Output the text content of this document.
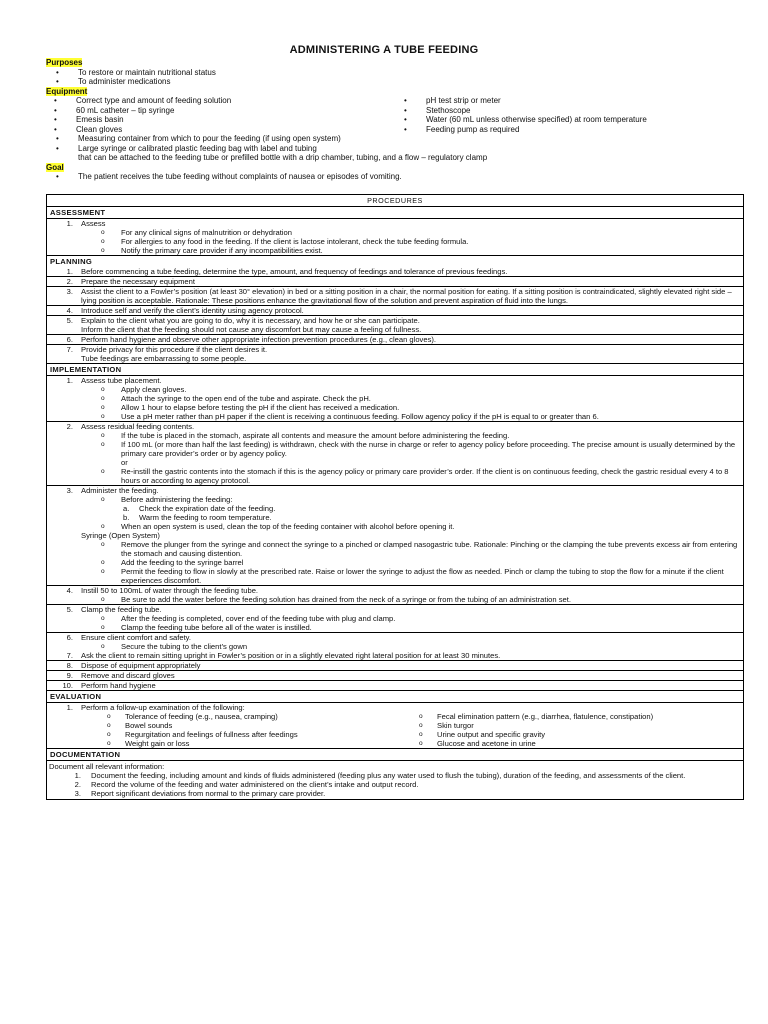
ADMINISTERING A TUBE FEEDING
Purposes
• To restore or maintain nutritional status
• To administer medications
Equipment
• Correct type and amount of feeding solution
• 60 mL catheter – tip syringe
• Emesis basin
• Clean gloves
• pH test strip or meter
• Stethoscope
• Water (60 mL unless otherwise specified) at room temperature
• Feeding pump as required
• Measuring container from which to pour the feeding (if using open system)
• Large syringe or calibrated plastic feeding bag with label and tubing
that can be attached to the feeding tube or prefilled bottle with a drip chamber, tubing, and a flow – regulatory clamp
Goal
• The patient receives the tube feeding without complaints of nausea or episodes of vomiting.
PROCEDURES
ASSESSMENT
1. Assess
o For any clinical signs of malnutrition or dehydration
o For allergies to any food in the feeding. If the client is lactose intolerant, check the tube feeding formula.
o Notify the primary care provider if any incompatibilities exist.
PLANNING
1. Before commencing a tube feeding, determine the type, amount, and frequency of feedings and tolerance of previous feedings.
2. Prepare the necessary equipment
3. Assist the client to a Fowler’s position (at least 30° elevation) in bed or a sitting position in a chair, the normal position for eating. If a sitting position is contraindicated, slightly elevated right side – lying position is acceptable. Rationale: These positions enhance the gravitational flow of the solution and prevent aspiration of fluid into the lungs.
4. Introduce self and verify the client’s identity using agency protocol.
5. Explain to the client what you are going to do, why it is necessary, and how he or she can participate.
Inform the client that the feeding should not cause any discomfort but may cause a feeling of fullness.
6. Perform hand hygiene and observe other appropriate infection prevention procedures (e.g., clean gloves).
7. Provide privacy for this procedure if the client desires it.
Tube feedings are embarrassing to some people.
IMPLEMENTATION
1. Assess tube placement.
o Apply clean gloves.
o Attach the syringe to the open end of the tube and aspirate. Check the pH.
o Allow 1 hour to elapse before testing the pH if the client has received a medication.
o Use a pH meter rather than pH paper if the client is receiving a continuous feeding. Follow agency policy if the pH is equal to or greater than 6.
2. Assess residual feeding contents.
o If the tube is placed in the stomach, aspirate all contents and measure the amount before administering the feeding.
o If 100 mL (or more than half the last feeding) is withdrawn, check with the nurse in charge or refer to agency policy before proceeding. The precise amount is usually determined by the primary care provider’s order or by agency policy.
or
o Re-instill the gastric contents into the stomach if this is the agency policy or primary care provider’s order. If the client is on continuous feeding, check the gastric residual every 4 to 8 hours or according to agency protocol.
3. Administer the feeding.
o Before administering the feeding:
a. Check the expiration date of the feeding.
b. Warm the feeding to room temperature.
o When an open system is used, clean the top of the feeding container with alcohol before opening it.
Syringe (Open System)
o Remove the plunger from the syringe and connect the syringe to a pinched or clamped nasogastric tube. Rationale: Pinching or the clamping the tube prevents excess air from entering the stomach and causing distention.
o Add the feeding to the syringe barrel
o Permit the feeding to flow in slowly at the prescribed rate. Raise or lower the syringe to adjust the flow as needed. Pinch or clamp the tubing to stop the flow for a minute if the client experiences discomfort.
4. Instill 50 to 100mL of water through the feeding tube.
o Be sure to add the water before the feeding solution has drained from the neck of a syringe or from the tubing of an administration set.
5. Clamp the feeding tube.
o After the feeding is completed, cover end of the feeding tube with plug and clamp.
o Clamp the feeding tube before all of the water is instilled.
6. Ensure client comfort and safety.
o Secure the tubing to the client’s gown
7. Ask the client to remain sitting upright in Fowler’s position or in a slightly elevated right lateral position for at least 30 minutes.
8. Dispose of equipment appropriately
9. Remove and discard gloves
10. Perform hand hygiene
EVALUATION
1. Perform a follow-up examination of the following:
o Tolerance of feeding (e.g., nausea, cramping)
o Bowel sounds
o Regurgitation and feelings of fullness after feedings
o Weight gain or loss
o Fecal elimination pattern (e.g., diarrhea, flatulence, constipation)
o Skin turgor
o Urine output and specific gravity
o Glucose and acetone in urine
DOCUMENTATION
Document all relevant information:
1.	Document the feeding, including amount and kinds of fluids administered (feeding plus any water used to flush the tubing), duration of the feeding, and assessments of the client.
2.	Record the volume of the feeding and water administered on the client’s intake and output record.
3.	Report significant deviations from normal to the primary care provider.
